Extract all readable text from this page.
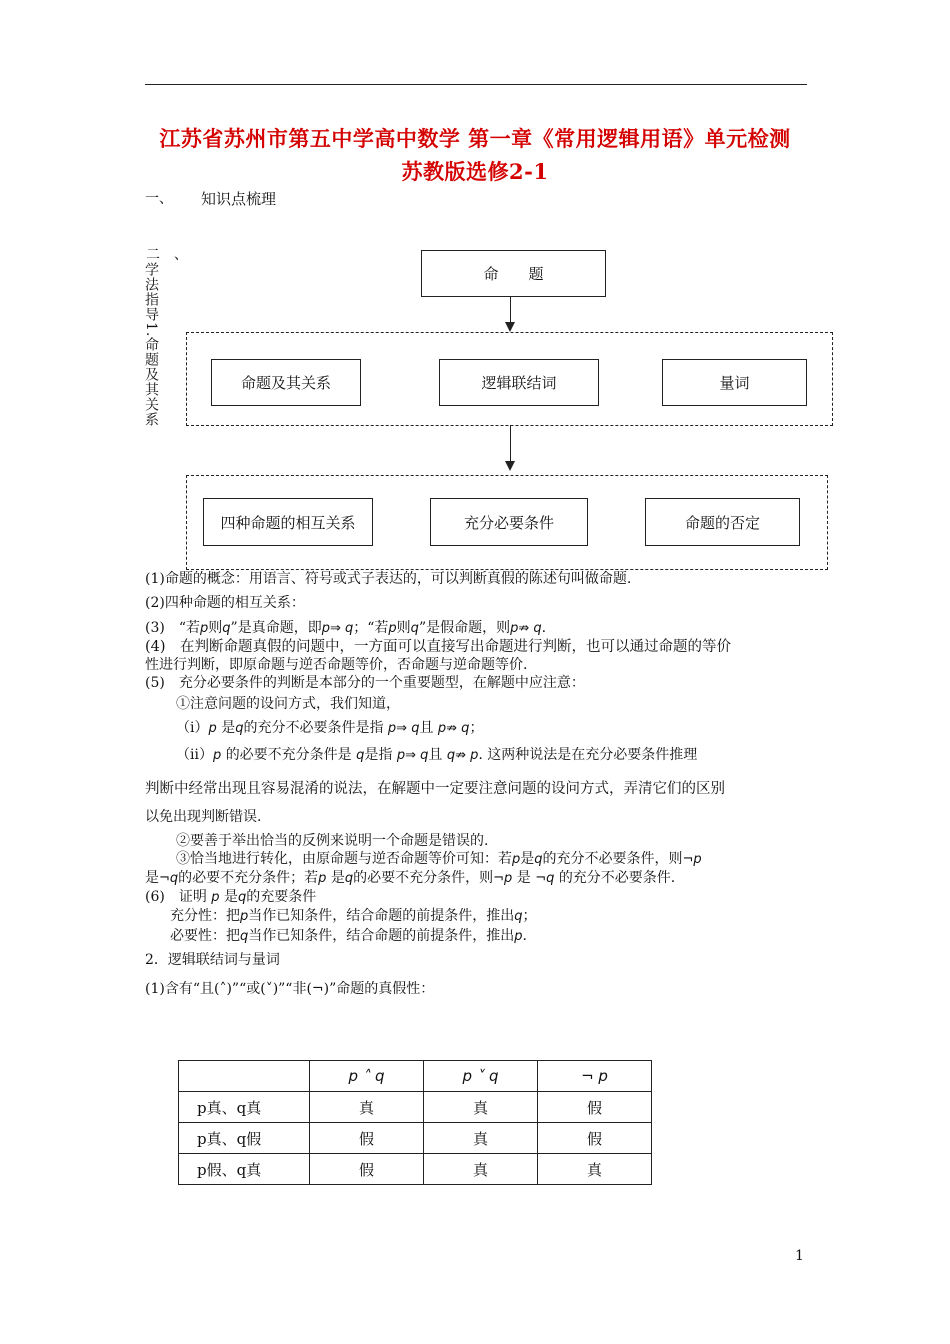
江苏省苏州市第五中学高中数学 第一章《常用逻辑用语》单元检测
苏教版选修2-1
一、 知识点梳理
二、
学法指导1.命题及其关系	命　　题
命题及其关系	逻辑联结词	量词
四种命题的相互关系	充分必要条件	命题的否定
(1)命题的概念：用语言、符号或式子表达的，可以判断真假的陈述句叫做命题.
(2)四种命题的相互关系：
(3)　“若p则q”是真命题，即p⇒ q；“若p则q”是假命题，则p⇏ q.
(4)　在判断命题真假的问题中，一方面可以直接写出命题进行判断，也可以通过命题的等价
性进行判断，即原命题与逆否命题等价，否命题与逆命题等价.
(5)　充分必要条件的判断是本部分的一个重要题型，在解题中应注意：
①注意问题的设问方式，我们知道，
（ⅰ）p 是q的充分不必要条件是指 p⇒ q且 p⇏ q；
（ⅱ）p 的必要不充分条件是 q是指 p⇒ q且 q⇏ p. 这两种说法是在充分必要条件推理
判断中经常出现且容易混淆的说法，在解题中一定要注意问题的设问方式，弄清它们的区别
以免出现判断错误.
②要善于举出恰当的反例来说明一个命题是错误的.
③恰当地进行转化，由原命题与逆否命题等价可知：若p是q的充分不必要条件，则¬p
是¬q的必要不充分条件；若p 是q的必要不充分条件，则¬p 是 ¬q 的充分不必要条件.
(6)　证明 p 是q的充要条件
充分性：把p当作已知条件，结合命题的前提条件，推出q；
必要性：把q当作已知条件，结合命题的前提条件，推出p.
2．逻辑联结词与量词
(1)含有“且(˄)”“或(˅)”“非(¬)”命题的真假性：
	p ˄ q	p ˅ q	¬ p
p真、q真	真	真	假
p真、q假	假	真	假
p假、q真	假	真	真
1
